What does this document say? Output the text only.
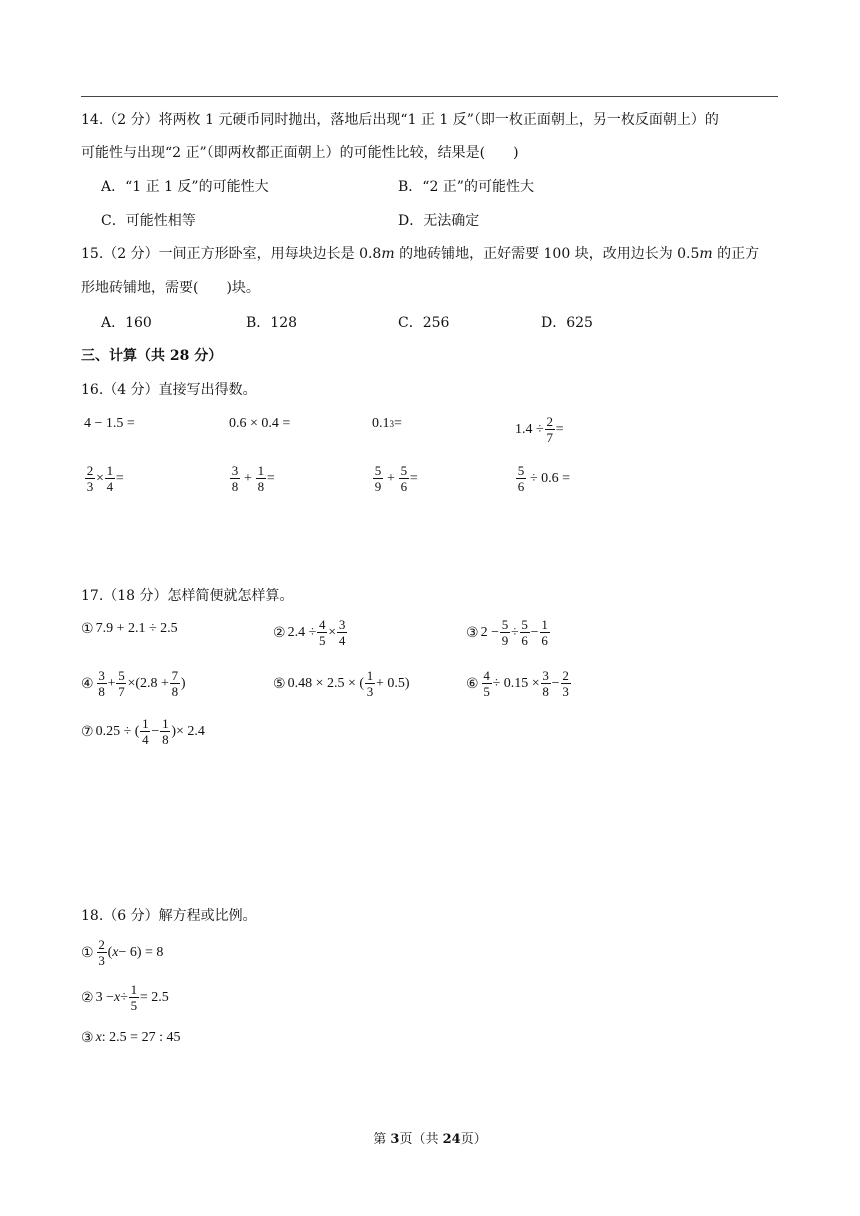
14.（2 分）将两枚 1 元硬币同时抛出，落地后出现“1 正 1 反”（即一枚正面朝上，另一枚反面朝上）的
可能性与出现“2 正”（即两枚都正面朝上）的可能性比较，结果是(　　)
A．“1 正 1 反”的可能性大	B．“2 正”的可能性大
C．可能性相等	D．无法确定
15.（2 分）一间正方形卧室，用每块边长是 0.8m 的地砖铺地，正好需要 100 块，改用边长为 0.5m 的正方
形地砖铺地，需要(　　)块。
A．160	B．128	C．256	D．625
三、计算（共 28 分）
16.（4 分）直接写出得数。
4 − 1.5 =	0.6 × 0.4 =	0.1 3 =	$1.4 \div \frac{2}{7}$ =
$\frac{2}{3} \times \frac{1}{4}$ =	$\frac{3}{8} + \frac{1}{8}$ =	$\frac{5}{9} + \frac{5}{6}$ =	$\frac{5}{6} \div 0.6$ =
17.（18 分）怎样简便就怎样算。
① 7.9 + 2.1 ÷ 2.5	② $2.4 \div \frac{4}{5} \times \frac{3}{4}$	③ $2 - \frac{5}{9} \div \frac{5}{6} - \frac{1}{6}$
④ $\frac{3}{8} + \frac{5}{7} \times(2.8 + \frac{7}{8}$ )	⑤ 0.48 × 2.5 × ( $\frac{1}{3} + 0.5$)	⑥ $\frac{4}{5} \div 0.15 \times \frac{3}{8} - \frac{2}{3}$
⑦ 0.25 ÷ ( $\frac{1}{4} - \frac{1}{8}$ )× 2.4
18.（6 分）解方程或比例。
① $\frac{2}{3}$ ( x − 6) = 8
② $3 - x \div \frac{1}{5} = 2.5$
③ x : 2.5 = 27 : 45
第 3页（共 24页）
